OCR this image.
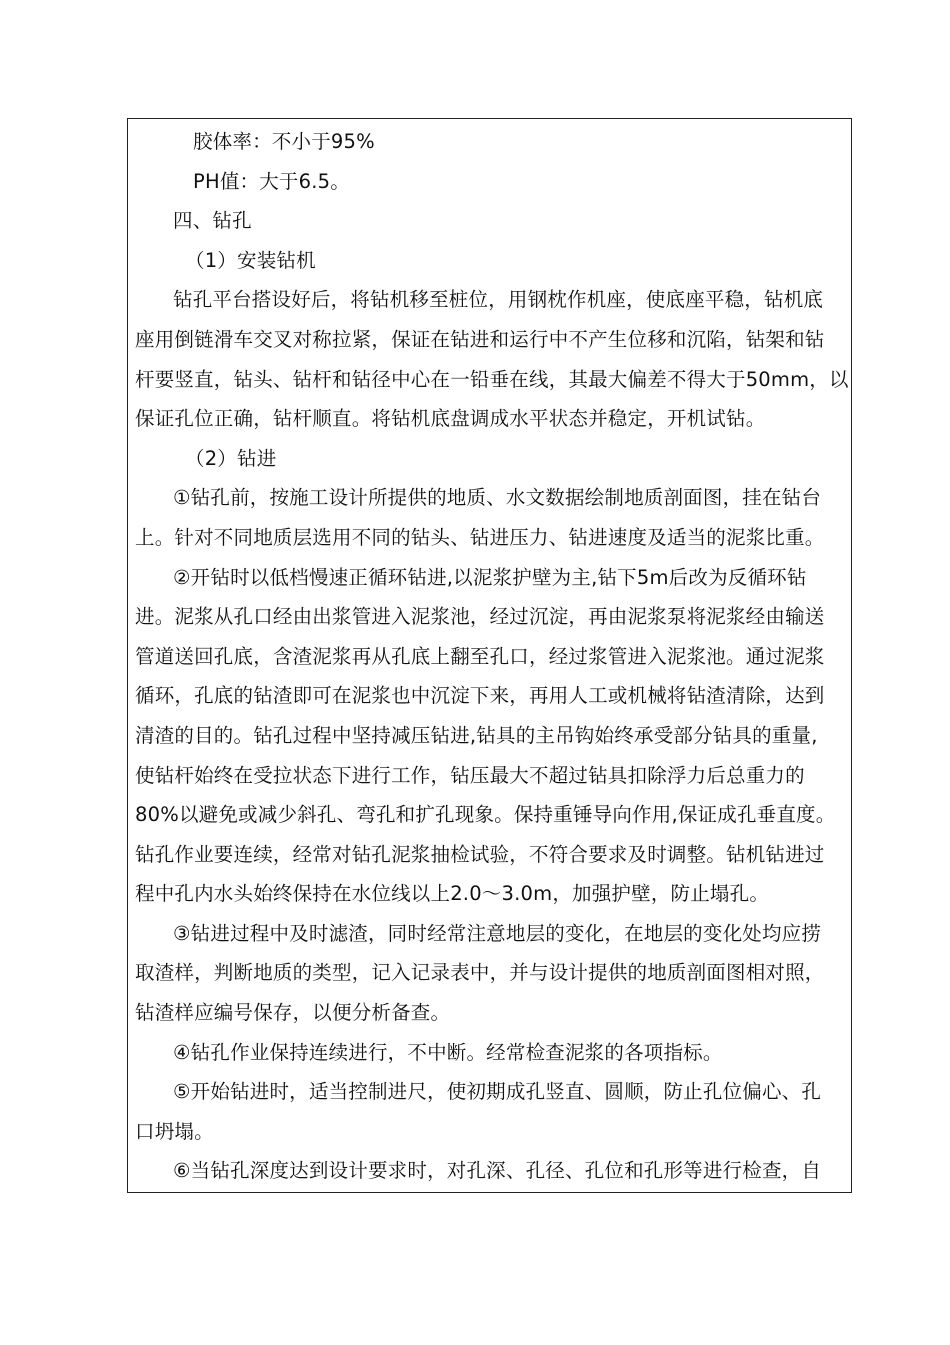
胶体率：不小于95%
PH值：大于6.5。
四、钻孔
（1）安装钻机
钻孔平台搭设好后，将钻机移至桩位，用钢枕作机座，使底座平稳，钻机底
座用倒链滑车交叉对称拉紧，保证在钻进和运行中不产生位移和沉陷，钻架和钻
杆要竖直，钻头、钻杆和钻径中心在一铅垂在线，其最大偏差不得大于50mm，以
保证孔位正确，钻杆顺直。将钻机底盘调成水平状态并稳定，开机试钻。
（2）钻进
①钻孔前，按施工设计所提供的地质、水文数据绘制地质剖面图，挂在钻台
上。针对不同地质层选用不同的钻头、钻进压力、钻进速度及适当的泥浆比重。
②开钻时以低档慢速正循环钻进,以泥浆护壁为主,钻下5m后改为反循环钻
进。泥浆从孔口经由出浆管进入泥浆池，经过沉淀，再由泥浆泵将泥浆经由输送
管道送回孔底，含渣泥浆再从孔底上翻至孔口，经过浆管进入泥浆池。通过泥浆
循环，孔底的钻渣即可在泥浆也中沉淀下来，再用人工或机械将钻渣清除，达到
清渣的目的。钻孔过程中坚持减压钻进,钻具的主吊钩始终承受部分钻具的重量,
使钻杆始终在受拉状态下进行工作，钻压最大不超过钻具扣除浮力后总重力的
80%以避免或减少斜孔、弯孔和扩孔现象。保持重锤导向作用,保证成孔垂直度。
钻孔作业要连续，经常对钻孔泥浆抽检试验，不符合要求及时调整。钻机钻进过
程中孔内水头始终保持在水位线以上2.0～3.0m，加强护壁，防止塌孔。
③钻进过程中及时滤渣，同时经常注意地层的变化，在地层的变化处均应捞
取渣样，判断地质的类型，记入记录表中，并与设计提供的地质剖面图相对照，
钻渣样应编号保存，以便分析备查。
④钻孔作业保持连续进行，不中断。经常检查泥浆的各项指标。
⑤开始钻进时，适当控制进尺，使初期成孔竖直、圆顺，防止孔位偏心、孔
口坍塌。
⑥当钻孔深度达到设计要求时，对孔深、孔径、孔位和孔形等进行检查，自
